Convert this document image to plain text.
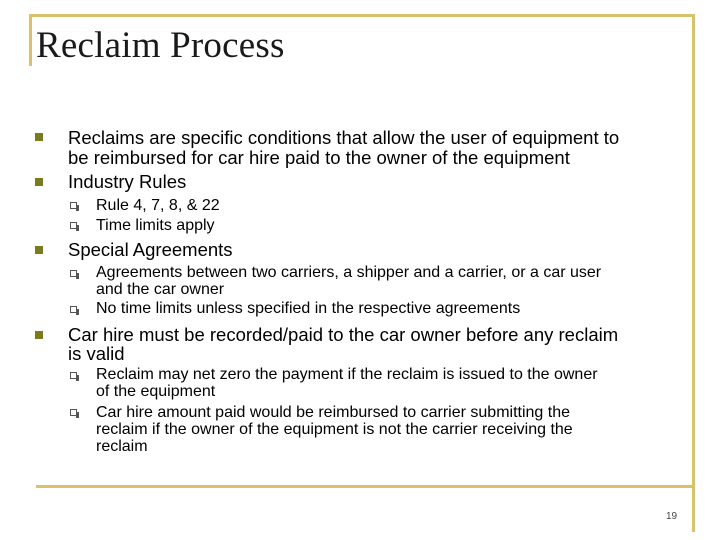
Reclaim Process
Reclaims are specific conditions that allow the user of equipment to
be reimbursed for car hire paid to the owner of the equipment
Industry Rules
Rule 4, 7, 8, & 22
Time limits apply
Special Agreements
Agreements between two carriers, a shipper and a carrier, or a car user
and the car owner
No time limits unless specified in the respective agreements
Car hire must be recorded/paid to the car owner before any reclaim
is valid
Reclaim may net zero the payment if the reclaim is issued to the owner
of the equipment
Car hire amount paid would be reimbursed to carrier submitting the
reclaim if the owner of the equipment is not the carrier receiving the
reclaim
19
